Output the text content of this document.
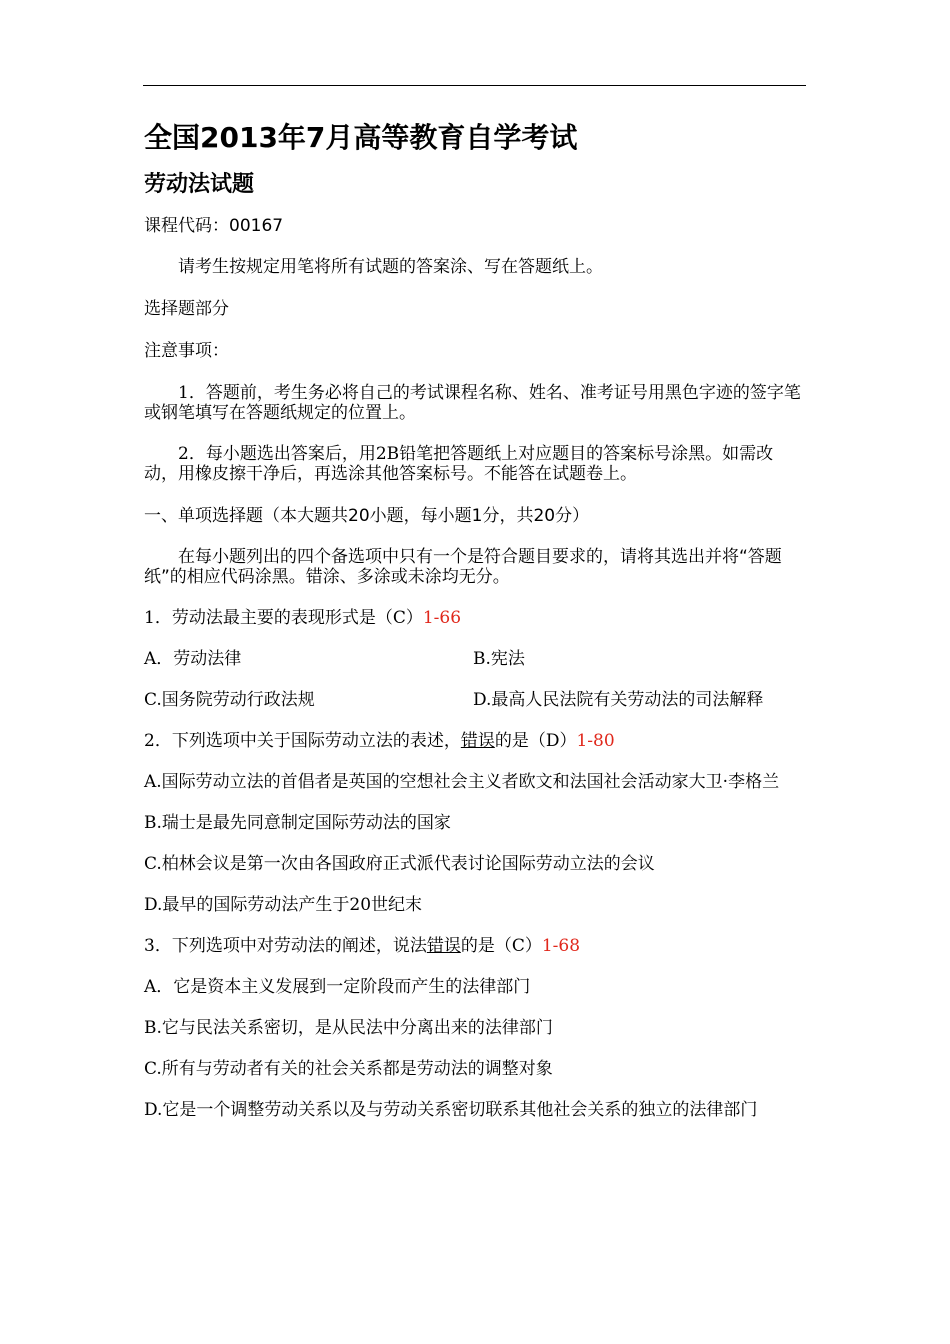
全国2013年7月高等教育自学考试
劳动法试题

课程代码：00167

请考生按规定用笔将所有试题的答案涂、写在答题纸上。

选择题部分

注意事项：

1．答题前，考生务必将自己的考试课程名称、姓名、准考证号用黑色字迹的签字笔或钢笔填写在答题纸规定的位置上。

2．每小题选出答案后，用2B铅笔把答题纸上对应题目的答案标号涂黑。如需改动，用橡皮擦干净后，再选涂其他答案标号。不能答在试题卷上。

一、单项选择题（本大题共20小题，每小题1分，共20分）

在每小题列出的四个备选项中只有一个是符合题目要求的，请将其选出并将“答题纸”的相应代码涂黑。错涂、多涂或未涂均无分。

1．劳动法最主要的表现形式是（C）1-66

A．劳动法律	B.宪法
C.国务院劳动行政法规	D.最高人民法院有关劳动法的司法解释

2．下列选项中关于国际劳动立法的表述，错误的是（D）1-80

A.国际劳动立法的首倡者是英国的空想社会主义者欧文和法国社会活动家大卫·李格兰

B.瑞士是最先同意制定国际劳动法的国家

C.柏林会议是第一次由各国政府正式派代表讨论国际劳动立法的会议

D.最早的国际劳动法产生于20世纪末

3．下列选项中对劳动法的阐述，说法错误的是（C）1-68

A．它是资本主义发展到一定阶段而产生的法律部门

B.它与民法关系密切，是从民法中分离出来的法律部门

C.所有与劳动者有关的社会关系都是劳动法的调整对象

D.它是一个调整劳动关系以及与劳动关系密切联系其他社会关系的独立的法律部门
